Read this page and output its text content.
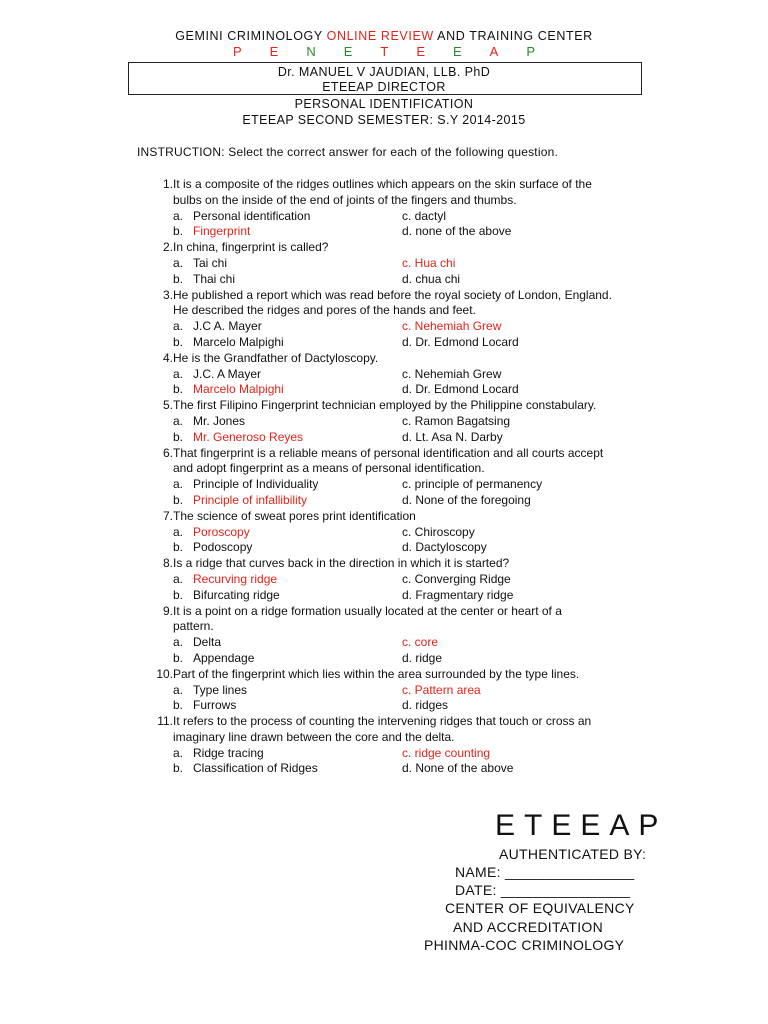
GEMINI CRIMINOLOGY ONLINE REVIEW AND TRAINING CENTER
P E N E T E E A P
Dr. MANUEL V JAUDIAN, LLB. PhD
ETEEAP DIRECTOR
PERSONAL IDENTIFICATION
ETEEAP SECOND SEMESTER: S.Y 2014-2015
INSTRUCTION: Select the correct answer for each of the following question.
1. It is a composite of the ridges outlines which appears on the skin surface of the
bulbs on the inside of the end of joints of the fingers and thumbs.
a. Personal identification	c. dactyl
b. Fingerprint	d. none of the above
2. In china, fingerprint is called?
a. Tai chi	c. Hua chi
b. Thai chi	d. chua chi
3. He published a report which was read before the royal society of London, England.
He described the ridges and pores of the hands and feet.
a. J.C A. Mayer	c. Nehemiah Grew
b. Marcelo Malpighi	d. Dr. Edmond Locard
4. He is the Grandfather of Dactyloscopy.
a. J.C. A Mayer	c. Nehemiah Grew
b. Marcelo Malpighi	d. Dr. Edmond Locard
5. The first Filipino Fingerprint technician employed by the Philippine constabulary.
a. Mr. Jones	c. Ramon Bagatsing
b. Mr. Generoso Reyes	d. Lt. Asa N. Darby
6. That fingerprint is a reliable means of personal identification and all courts accept
and adopt fingerprint as a means of personal identification.
a. Principle of Individuality	c. principle of permanency
b. Principle of infallibility	d. None of the foregoing
7. The science of sweat pores print identification
a. Poroscopy	c. Chiroscopy
b. Podoscopy	d. Dactyloscopy
8. Is a ridge that curves back in the direction in which it is started?
a. Recurving ridge	c. Converging Ridge
b. Bifurcating ridge	d. Fragmentary ridge
9. It is a point on a ridge formation usually located at the center or heart of a
pattern.
a. Delta	c. core
b. Appendage	d. ridge
10. Part of the fingerprint which lies within the area surrounded by the type lines.
a. Type lines	c. Pattern area
b. Furrows	d. ridges
11. It refers to the process of counting the intervening ridges that touch or cross an
imaginary line drawn between the core and the delta.
a. Ridge tracing	c. ridge counting
b. Classification of Ridges	d. None of the above
ETEEAP
AUTHENTICATED BY:
NAME: ________________
DATE: ________________
CENTER OF EQUIVALENCY
AND ACCREDITATION
PHINMA-COC CRIMINOLOGY
